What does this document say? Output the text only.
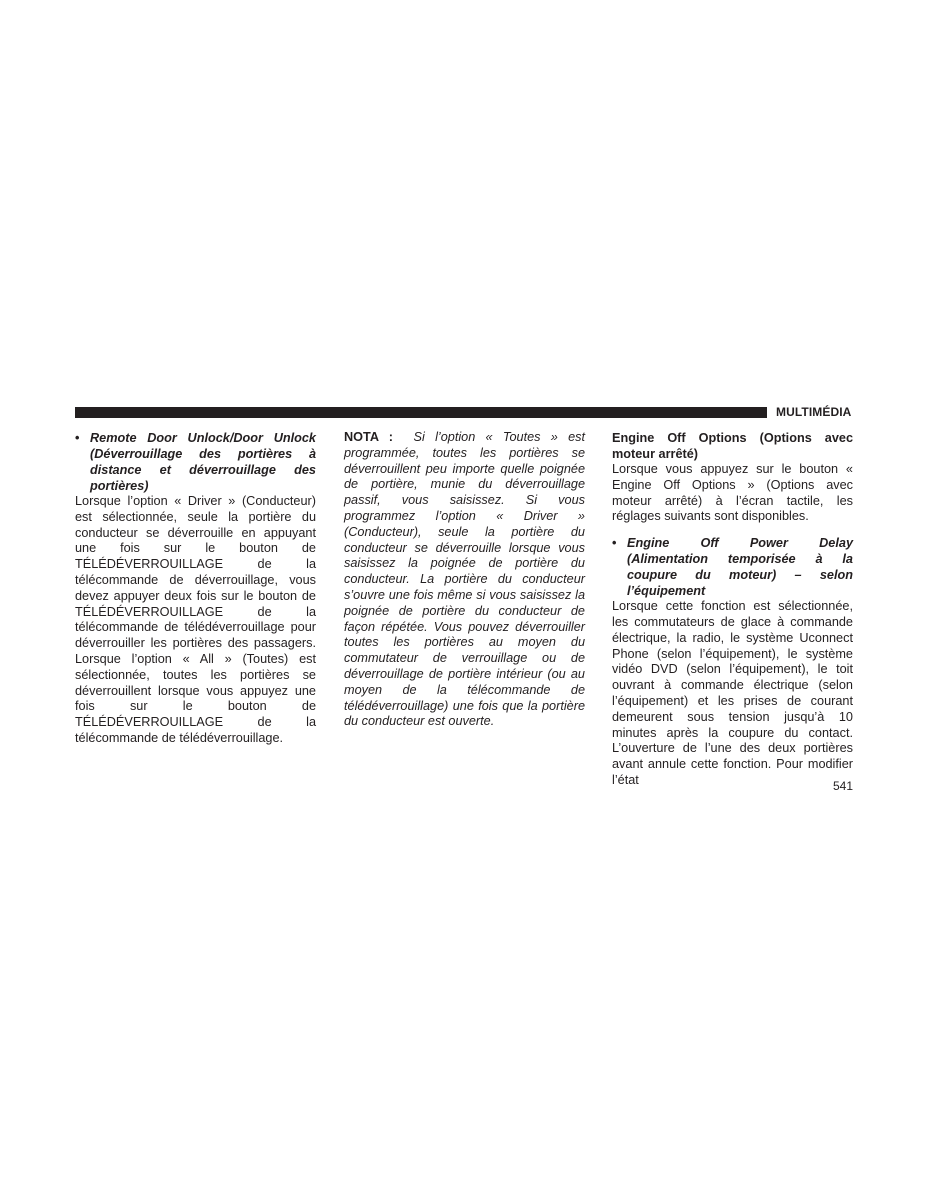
MULTIMÉDIA

• Remote Door Unlock/Door Unlock (Déverrouillage des portières à distance et déverrouillage des portières)

Lorsque l’option « Driver » (Conducteur) est sélectionnée, seule la portière du conducteur se déverrouille en appuyant une fois sur le bouton de TÉLÉDÉVERROUILLAGE de la télécommande de déverrouillage, vous devez appuyer deux fois sur le bouton de TÉLÉDÉVERROUILLAGE de la télécommande de télédéverrouillage pour déverrouiller les portières des passagers. Lorsque l’option « All » (Toutes) est sélectionnée, toutes les portières se déverrouillent lorsque vous appuyez une fois sur le bouton de TÉLÉDÉVERROUILLAGE de la télécommande de télédéverrouillage.

NOTA : Si l’option « Toutes » est programmée, toutes les portières se déverrouillent peu importe quelle poignée de portière, munie du déverrouillage passif, vous saisissez. Si vous programmez l’option « Driver » (Conducteur), seule la portière du conducteur se déverrouille lorsque vous saisissez la poignée de portière du conducteur. La portière du conducteur s’ouvre une fois même si vous saisissez la poignée de portière du conducteur de façon répétée. Vous pouvez déverrouiller toutes les portières au moyen du commutateur de verrouillage ou de déverrouillage de portière intérieur (ou au moyen de la télécommande de télédéverrouillage) une fois que la portière du conducteur est ouverte.

Engine Off Options (Options avec moteur arrêté)

Lorsque vous appuyez sur le bouton « Engine Off Options » (Options avec moteur arrêté) à l’écran tactile, les réglages suivants sont disponibles.

• Engine Off Power Delay (Alimentation temporisée à la coupure du moteur) – selon l’équipement

Lorsque cette fonction est sélectionnée, les commutateurs de glace à commande électrique, la radio, le système Uconnect Phone (selon l’équipement), le système vidéo DVD (selon l’équipement), le toit ouvrant à commande électrique (selon l’équipement) et les prises de courant demeurent sous tension jusqu’à 10 minutes après la coupure du contact. L’ouverture de l’une des deux portières avant annule cette fonction. Pour modifier l’état	541
